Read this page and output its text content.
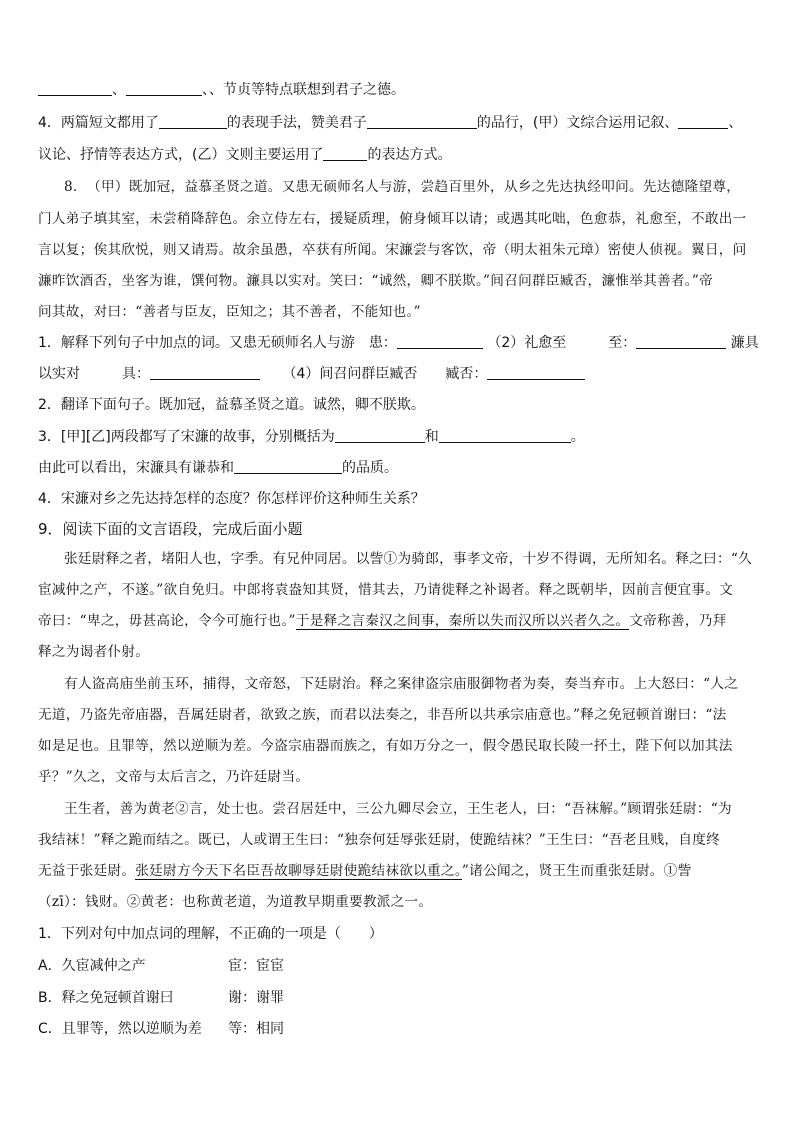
、	、、节贞等特点联想到君子之德。
4．两篇短文都用了	的表现手法，赞美君子	的品行，(甲）文综合运用记叙、	、
议论、抒情等表达方式，(乙）文则主要运用了	的表达方式。
8．　（甲）既加冠，益慕圣贤之道。又患无硕师名人与游，尝趋百里外，从乡之先达执经叩问。先达德隆望尊，
门人弟子填其室，未尝稍降辞色。余立侍左右，援疑质理，俯身倾耳以请；或遇其叱咄，色愈恭，礼愈至，不敢出一
言以复；俟其欣悦，则又请焉。故余虽愚，卒获有所闻。宋濂尝与客饮，帝（明太祖朱元璋）密使人侦视。翼日，问
濂昨饮酒否，坐客为谁，馔何物。濂具以实对。笑曰：“诚然，卿不朕欺。”间召问群臣臧否，濂惟举其善者。”帝
问其故，对曰：“善者与臣友，臣知之；其不善者，不能知也。”
1．解释下列句子中加点的词。又患无硕师名人与游　患：	（2）礼愈至　　　至：	濂具
以实对　　　具：	（4）间召问群臣臧否　　臧否：
2．翻译下面句子。既加冠，益慕圣贤之道。诚然，卿不朕欺。
3．[甲][乙]两段都写了宋濂的故事，分别概括为	和	。
由此可以看出，宋濂具有谦恭和	的品质。
4．宋濂对乡之先达持怎样的态度？你怎样评价这种师生关系？
9．阅读下面的文言语段，完成后面小题
张廷尉释之者，堵阳人也，字季。有兄仲同居。以訾①为骑郎，事孝文帝，十岁不得调，无所知名。释之曰：“久
宦减仲之产，不遂。”欲自免归。中郎将袁盎知其贤，惜其去，乃请徙释之补谒者。释之既朝毕，因前言便宜事。文
帝曰：“卑之，毋甚高论，令今可施行也。”于是释之言秦汉之间事，秦所以失而汉所以兴者久之。文帝称善，乃拜
释之为谒者仆射。
有人盗高庙坐前玉环，捕得，文帝怒，下廷尉治。释之案律盗宗庙服御物者为奏，奏当弃市。上大怒曰：“人之
无道，乃盗先帝庙器，吾属廷尉者，欲致之族，而君以法奏之，非吾所以共承宗庙意也。”释之免冠顿首谢曰：“法
如是足也。且罪等，然以逆顺为差。今盗宗庙器而族之，有如万分之一，假令愚民取长陵一抔土，陛下何以加其法
乎？”久之，文帝与太后言之，乃许廷尉当。
王生者，善为黄老②言，处士也。尝召居廷中，三公九卿尽会立，王生老人，曰：“吾袜解。”顾谓张廷尉：“为
我结袜！”释之跪而结之。既已，人或谓王生曰：“独奈何廷辱张廷尉，使跪结袜？”王生曰：“吾老且贱，自度终
无益于张廷尉。张廷尉方今天下名臣吾故聊辱廷尉使跪结袜欲以重之。”诸公闻之，贤王生而重张廷尉。①訾
（zī）：钱财。②黄老：也称黄老道，为道教早期重要教派之一。
1．下列对句中加点词的理解，不正确的一项是（　　）
A．久宦减仲之产	宦：宦宦
B．释之免冠顿首谢曰	谢：谢罪
C．且罪等，然以逆顺为差 等：相同
